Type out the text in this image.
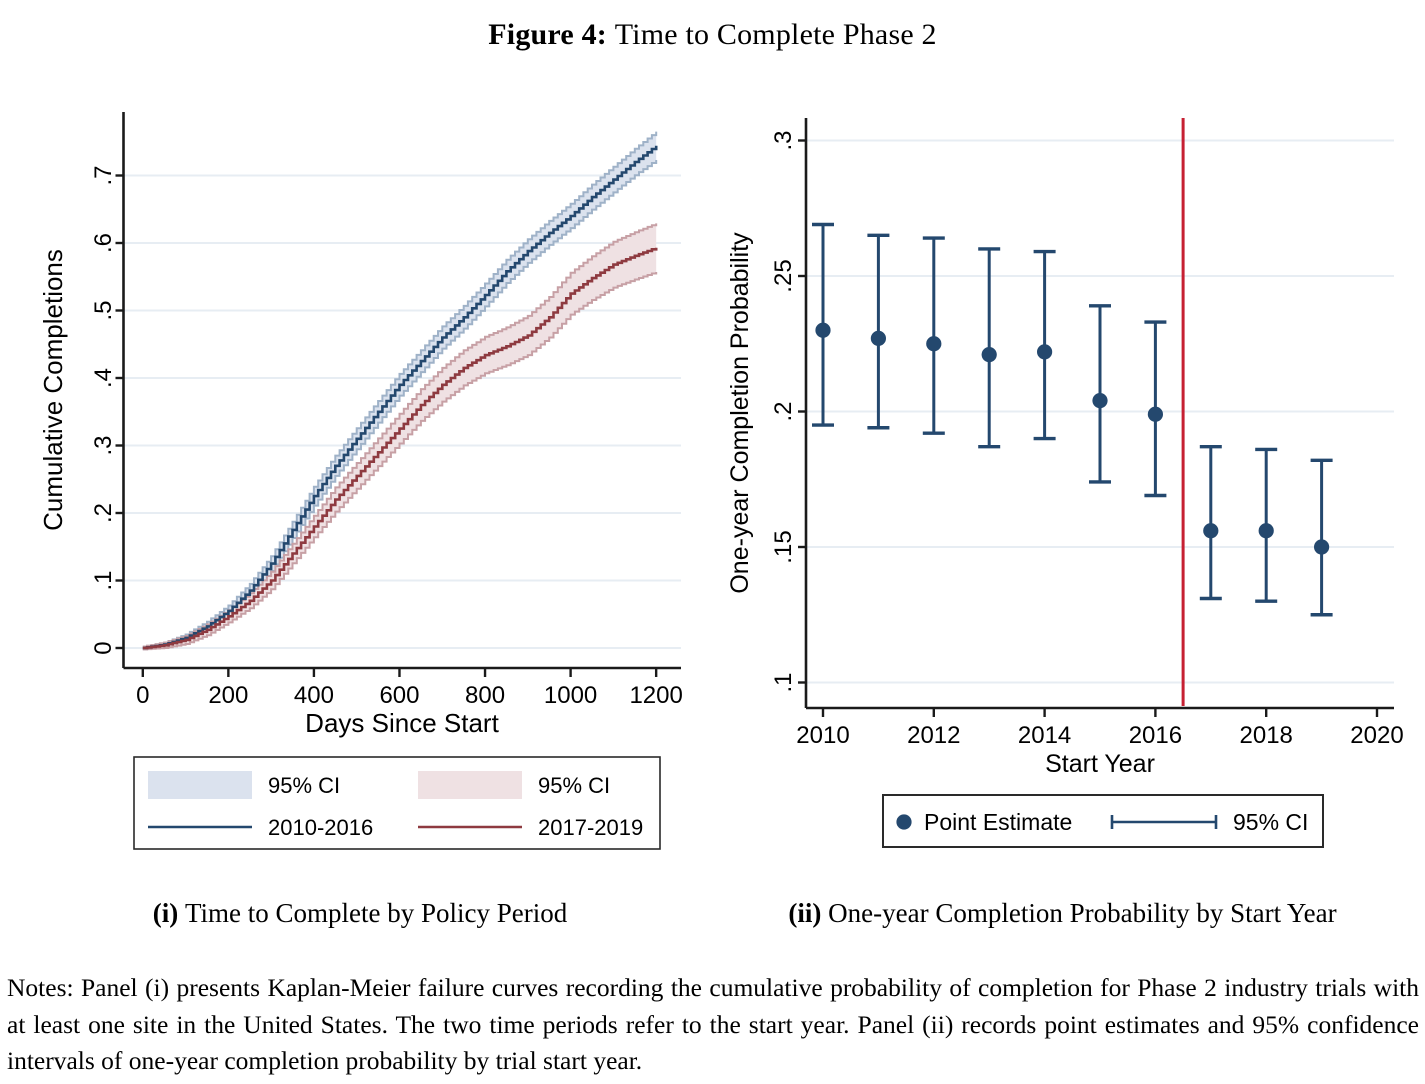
Figure 4: Time to Complete Phase 2
0
.1
.2
.3
.4
.5
.6
.7
0 200 400 600 800 1000 1200
Days Since Start
Cumulative Completions
95% CI
2010-2016
95% CI
2017-2019
.1
.15
.2
.25
.3
2010 2012 2014 2016 2018 2020
Start Year
One-year Completion Probability
Point Estimate	95% CI
(i) Time to Complete by Policy Period	(ii) One-year Completion Probability by Start Year
Notes: Panel (i) presents Kaplan-Meier failure curves recording the cumulative probability of completion for Phase 2 industry trials with at least one site in the United States. The two time periods refer to the start year. Panel (ii) records point estimates and 95% confidence intervals of one-year completion probability by trial start year.
